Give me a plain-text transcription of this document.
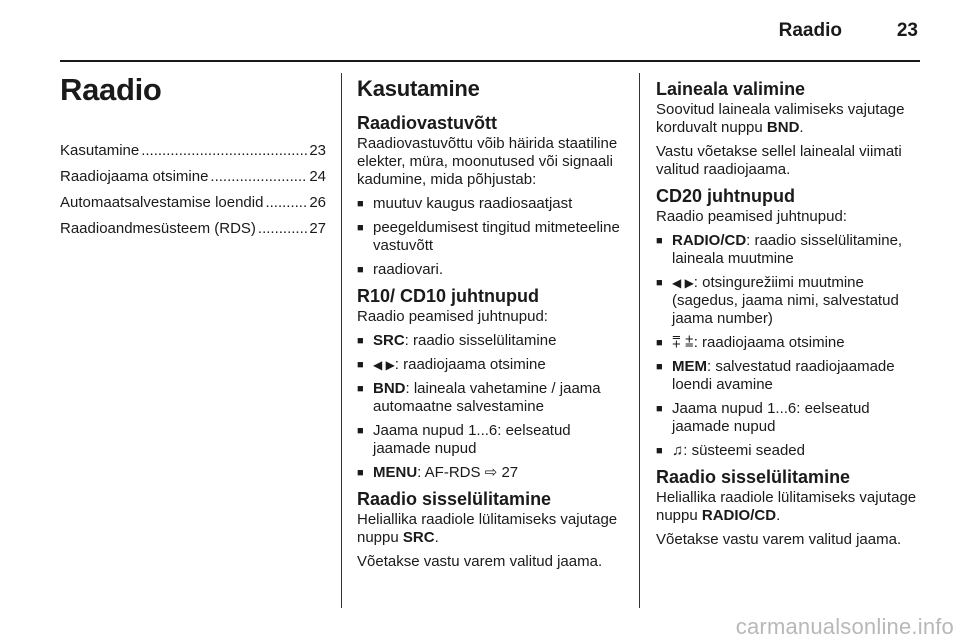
Raadio	23
Raadio
Kasutamine .....	23
Raadiojaama otsimine .....	24
Automaatsalvestamise loendid .....	26
Raadioandmesüsteem (RDS) .....	27
Kasutamine
Raadiovastuvõtt

Raadiovastuvõttu võib häirida staatiline elekter, müra, moonutused või signaali kadumine, mida põhjustab:

■ muutuv kaugus raadiosaatjast
■ peegeldumisest tingitud mitmeteeline vastuvõtt
■ raadiovari.
R10/ CD10 juhtnupud

Raadio peamised juhtnupud:

■ SRC: raadio sisselülitamine
■ ◀ ▶: raadiojaama otsimine
■ BND: laineala vahetamine / jaama automaatne salvestamine
■ Jaama nupud 1...6: eelseatud jaamade nupud
■ MENU: AF-RDS ⇨ 27
Raadio sisselülitamine

Heliallika raadiole lülitamiseks vajutage nuppu SRC.

Võetakse vastu varem valitud jaama.

Laineala valimine

Soovitud laineala valimiseks vajutage korduvalt nuppu BND.

Vastu võetakse sellel lainealal viimati valitud raadiojaama.

CD20 juhtnupud

Raadio peamised juhtnupud:

■ RADIO/CD: raadio sisselülitamine, laineala muutmine
■ ◀ ▶: otsingurežiimi muutmine (sagedus, jaama nimi, salvestatud jaama number)
■ ⩱ ⩲: raadiojaama otsimine
■ MEM: salvestatud raadiojaamade loendi avamine
■ Jaama nupud 1...6: eelseatud jaamade nupud
■ ♫: süsteemi seaded
Raadio sisselülitamine

Heliallika raadiole lülitamiseks vajutage nuppu RADIO/CD.

Võetakse vastu varem valitud jaama.

carmanualsonline.info
